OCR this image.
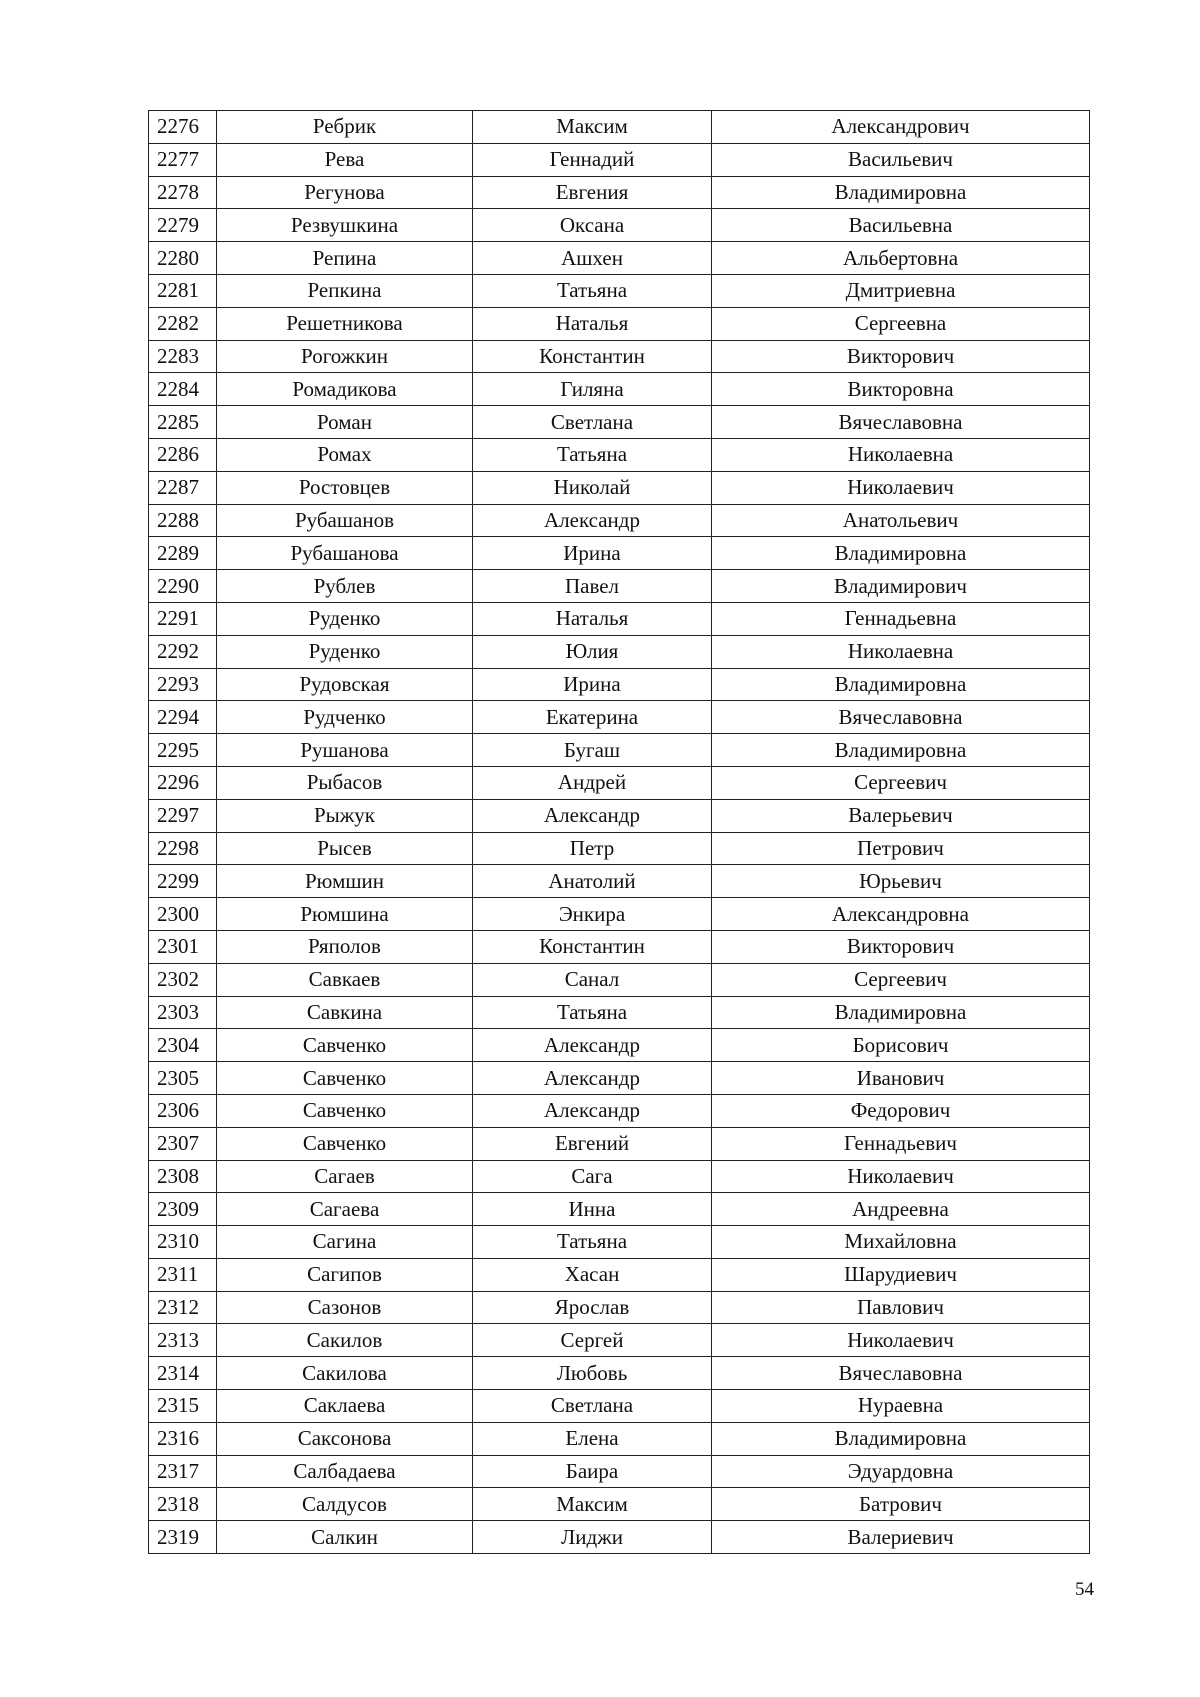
2276	Ребрик	Максим	Александрович
2277	Рева	Геннадий	Васильевич
2278	Регунова	Евгения	Владимировна
2279	Резвушкина	Оксана	Васильевна
2280	Репина	Ашхен	Альбертовна
2281	Репкина	Татьяна	Дмитриевна
2282	Решетникова	Наталья	Сергеевна
2283	Рогожкин	Константин	Викторович
2284	Ромадикова	Гиляна	Викторовна
2285	Роман	Светлана	Вячеславовна
2286	Ромах	Татьяна	Николаевна
2287	Ростовцев	Николай	Николаевич
2288	Рубашанов	Александр	Анатольевич
2289	Рубашанова	Ирина	Владимировна
2290	Рублев	Павел	Владимирович
2291	Руденко	Наталья	Геннадьевна
2292	Руденко	Юлия	Николаевна
2293	Рудовская	Ирина	Владимировна
2294	Рудченко	Екатерина	Вячеславовна
2295	Рушанова	Бугаш	Владимировна
2296	Рыбасов	Андрей	Сергеевич
2297	Рыжук	Александр	Валерьевич
2298	Рысев	Петр	Петрович
2299	Рюмшин	Анатолий	Юрьевич
2300	Рюмшина	Энкира	Александровна
2301	Ряполов	Константин	Викторович
2302	Савкаев	Санал	Сергеевич
2303	Савкина	Татьяна	Владимировна
2304	Савченко	Александр	Борисович
2305	Савченко	Александр	Иванович
2306	Савченко	Александр	Федорович
2307	Савченко	Евгений	Геннадьевич
2308	Сагаев	Сага	Николаевич
2309	Сагаева	Инна	Андреевна
2310	Сагина	Татьяна	Михайловна
2311	Сагипов	Хасан	Шарудиевич
2312	Сазонов	Ярослав	Павлович
2313	Сакилов	Сергей	Николаевич
2314	Сакилова	Любовь	Вячеславовна
2315	Саклаева	Светлана	Нураевна
2316	Саксонова	Елена	Владимировна
2317	Салбадаева	Баира	Эдуардовна
2318	Салдусов	Максим	Батрович
2319	Салкин	Лиджи	Валериевич
54
